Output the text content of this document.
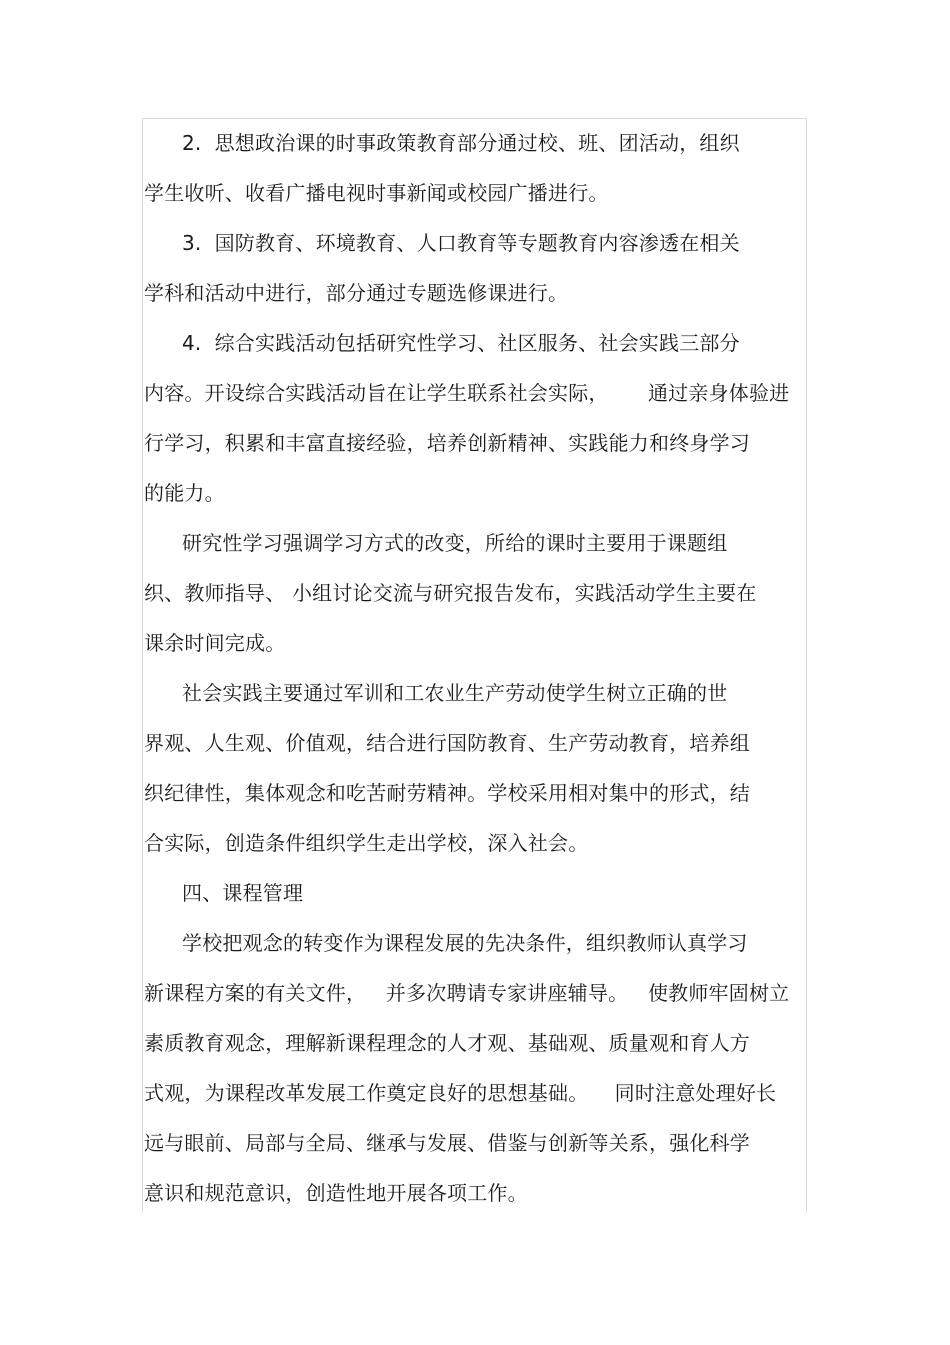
2.  思想政治课的时事政策教育部分通过校、班、团活动，组织
学生收听、收看广播电视时事新闻或校园广播进行。
3.  国防教育、环境教育、人口教育等专题教育内容渗透在相关
学科和活动中进行，部分通过专题选修课进行。
4.  综合实践活动包括研究性学习、社区服务、社会实践三部分
内容。开设综合实践活动旨在让学生联系社会实际，      通过亲身体验进
行学习，积累和丰富直接经验，培养创新精神、实践能力和终身学习
的能力。
研究性学习强调学习方式的改变，所给的课时主要用于课题组
织、教师指导、 小组讨论交流与研究报告发布，实践活动学生主要在
课余时间完成。
社会实践主要通过军训和工农业生产劳动使学生树立正确的世
界观、人生观、价值观，结合进行国防教育、生产劳动教育，培养组
织纪律性，集体观念和吃苦耐劳精神。学校采用相对集中的形式，结
合实际，创造条件组织学生走出学校，深入社会。
四、课程管理
学校把观念的转变作为课程发展的先决条件，组织教师认真学习
新课程方案的有关文件，   并多次聘请专家讲座辅导。   使教师牢固树立
素质教育观念，理解新课程理念的人才观、基础观、质量观和育人方
式观，为课程改革发展工作奠定良好的思想基础。    同时注意处理好长
远与眼前、局部与全局、继承与发展、借鉴与创新等关系，强化科学
意识和规范意识，创造性地开展各项工作。
